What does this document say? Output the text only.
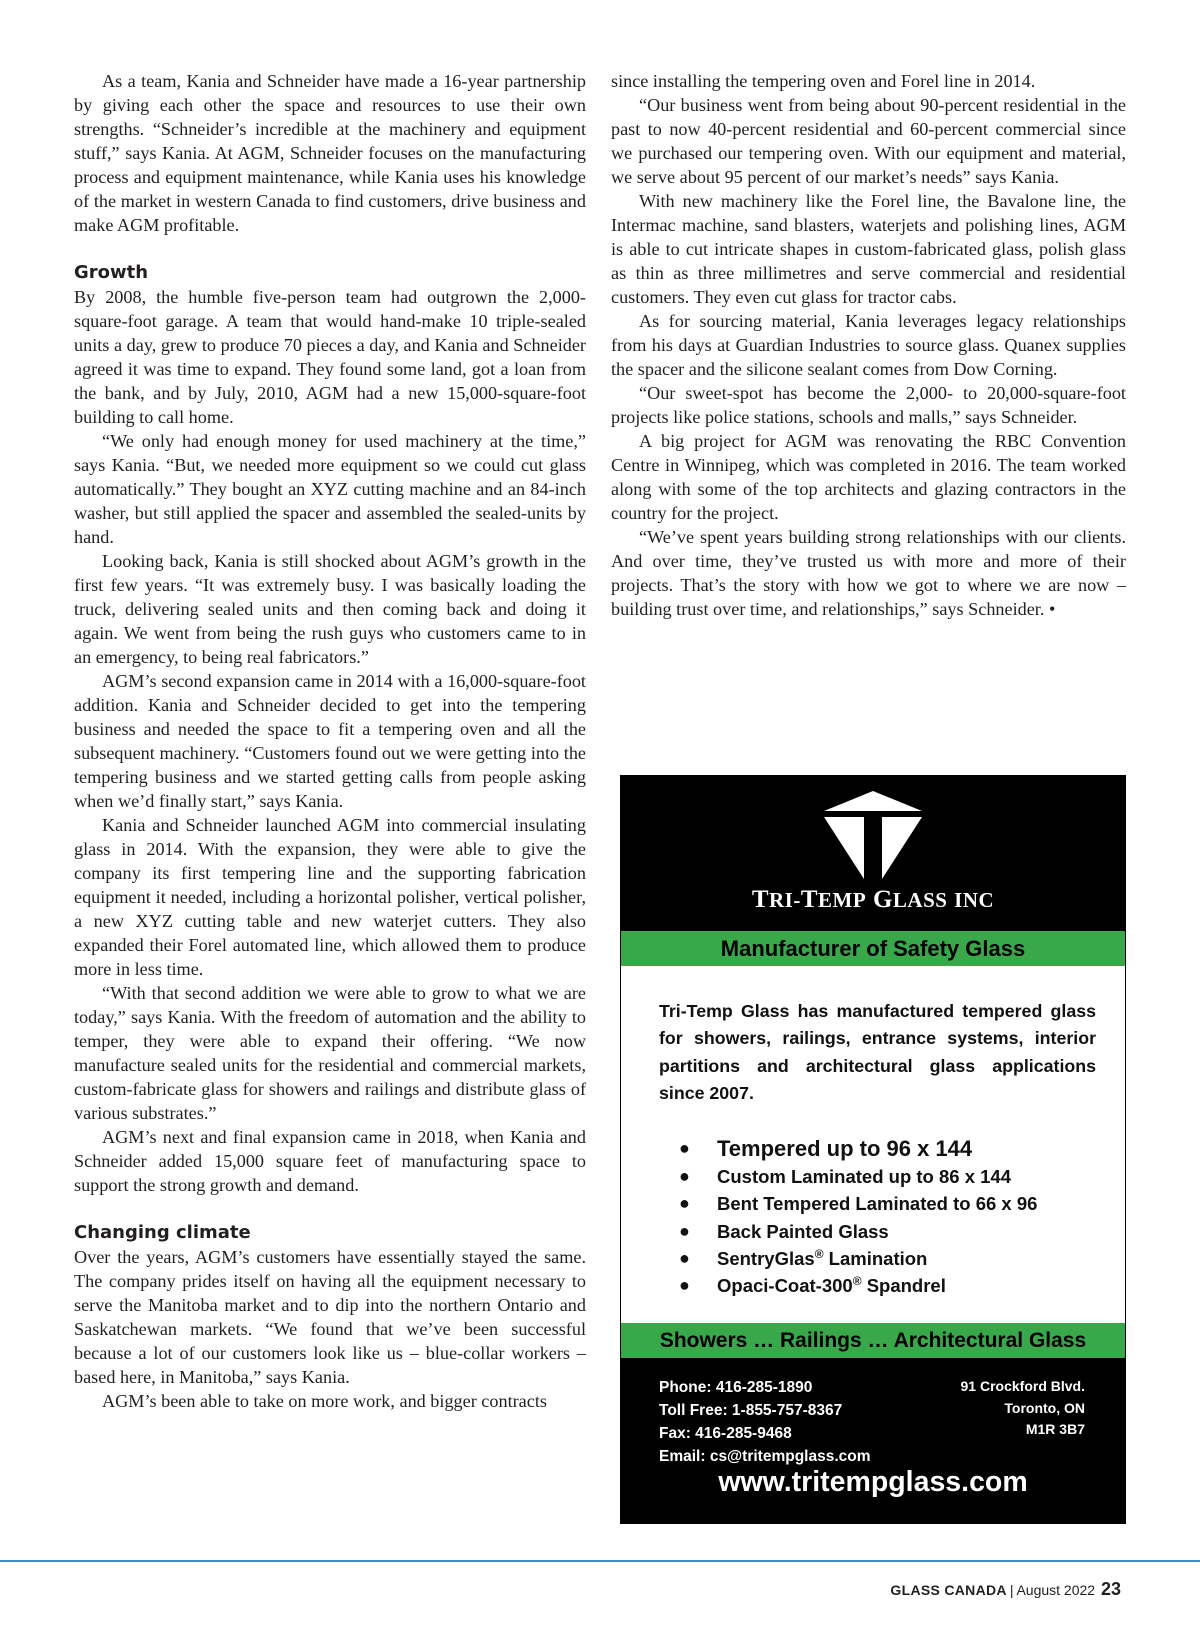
As a team, Kania and Schneider have made a 16-year partnership by giving each other the space and resources to use their own strengths. “Schneider’s incredible at the machinery and equipment stuff,” says Kania. At AGM, Schneider focuses on the manufacturing process and equipment maintenance, while Kania uses his knowledge of the market in western Canada to find customers, drive business and make AGM profitable.

Growth

By 2008, the humble five-person team had outgrown the 2,000-square-foot garage. A team that would hand-make 10 triple-sealed units a day, grew to produce 70 pieces a day, and Kania and Schneider agreed it was time to expand. They found some land, got a loan from the bank, and by July, 2010, AGM had a new 15,000-square-foot building to call home.

“We only had enough money for used machinery at the time,” says Kania. “But, we needed more equipment so we could cut glass automatically.” They bought an XYZ cutting machine and an 84-inch washer, but still applied the spacer and assembled the sealed-units by hand.

Looking back, Kania is still shocked about AGM’s growth in the first few years. “It was extremely busy. I was basically loading the truck, delivering sealed units and then coming back and doing it again. We went from being the rush guys who customers came to in an emergency, to being real fabricators.”

AGM’s second expansion came in 2014 with a 16,000-square-foot addition. Kania and Schneider decided to get into the tempering business and needed the space to fit a tempering oven and all the subsequent machinery. “Customers found out we were getting into the tempering business and we started getting calls from people asking when we’d finally start,” says Kania.

Kania and Schneider launched AGM into commercial insulating glass in 2014. With the expansion, they were able to give the company its first tempering line and the supporting fabrication equipment it needed, including a horizontal polisher, vertical polisher, a new XYZ cutting table and new waterjet cutters. They also expanded their Forel automated line, which allowed them to produce more in less time.

“With that second addition we were able to grow to what we are today,” says Kania. With the freedom of automation and the ability to temper, they were able to expand their offering. “We now manufacture sealed units for the residential and commercial markets, custom-fabricate glass for showers and railings and distribute glass of various substrates.”

AGM’s next and final expansion came in 2018, when Kania and Schneider added 15,000 square feet of manufacturing space to support the strong growth and demand.

Changing climate

Over the years, AGM’s customers have essentially stayed the same. The company prides itself on having all the equipment necessary to serve the Manitoba market and to dip into the northern Ontario and Saskatchewan markets. “We found that we’ve been successful because a lot of our customers look like us – blue-collar workers – based here, in Manitoba,” says Kania.

AGM’s been able to take on more work, and bigger contracts

since installing the tempering oven and Forel line in 2014.

“Our business went from being about 90-percent residential in the past to now 40-percent residential and 60-percent commercial since we purchased our tempering oven. With our equipment and material, we serve about 95 percent of our market’s needs” says Kania.

With new machinery like the Forel line, the Bavalone line, the Intermac machine, sand blasters, waterjets and polishing lines, AGM is able to cut intricate shapes in custom-fabricated glass, polish glass as thin as three millimetres and serve commercial and residential customers. They even cut glass for tractor cabs.

As for sourcing material, Kania leverages legacy relationships from his days at Guardian Industries to source glass. Quanex supplies the spacer and the silicone sealant comes from Dow Corning.

“Our sweet-spot has become the 2,000- to 20,000-square-foot projects like police stations, schools and malls,” says Schneider.

A big project for AGM was renovating the RBC Convention Centre in Winnipeg, which was completed in 2016. The team worked along with some of the top architects and glazing contractors in the country for the project.

“We’ve spent years building strong relationships with our clients. And over time, they’ve trusted us with more and more of their projects. That’s the story with how we got to where we are now – building trust over time, and relationships,” says Schneider. •

TRI-TEMP GLASS INC
Manufacturer of Safety Glass
Tri-Temp Glass has manufactured tempered glass for showers, railings, entrance systems, interior partitions and architectural glass applications since 2007.
● Tempered up to 96 x 144
● Custom Laminated up to 86 x 144
● Bent Tempered Laminated to 66 x 96
● Back Painted Glass
● SentryGlas® Lamination
● Opaci-Coat-300® Spandrel
Showers … Railings … Architectural Glass
Phone: 416-285-1890
Toll Free: 1-855-757-8367
Fax: 416-285-9468
Email: cs@tritempglass.com
91 Crockford Blvd.
Toronto, ON
M1R 3B7
www.tritempglass.com
GLASS CANADA | August 2022 23
